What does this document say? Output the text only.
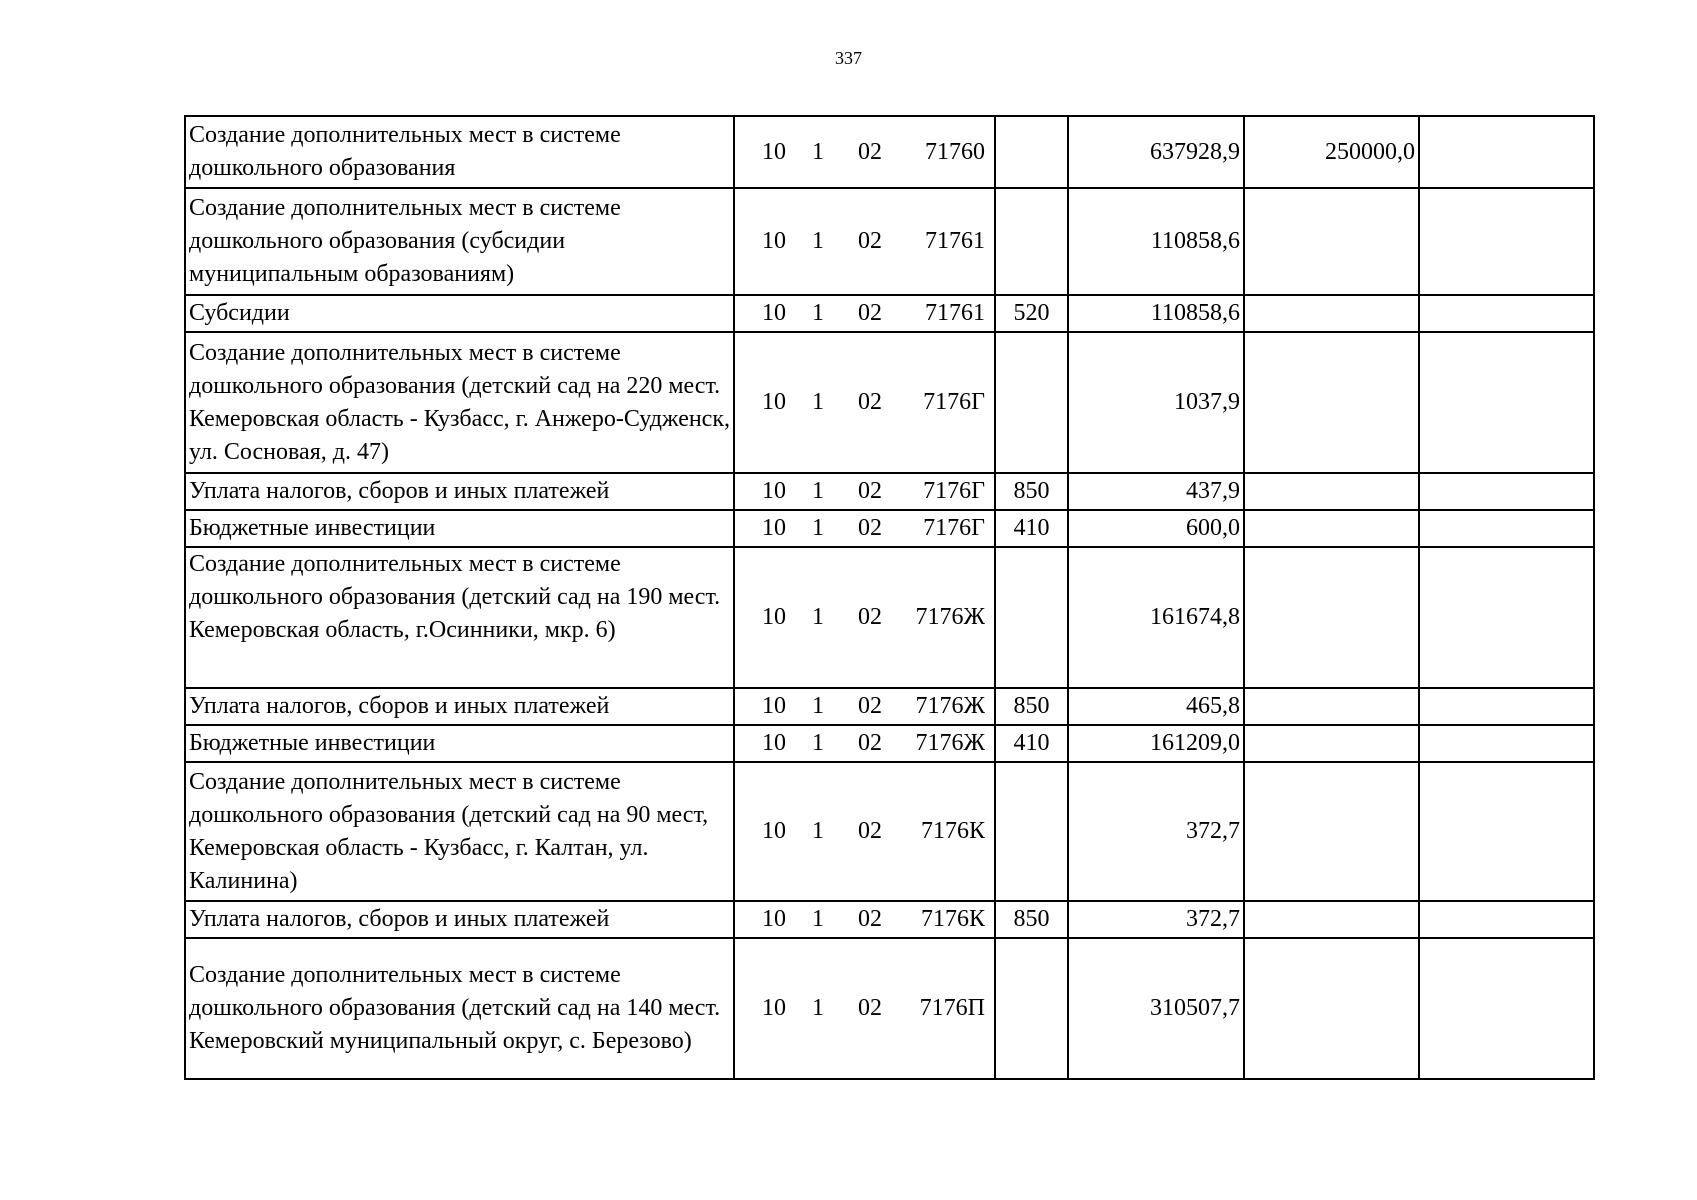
337
Создание дополнительных мест в системе дошкольного образования	10 1 02 71760		637928,9	250000,0	
Создание дополнительных мест в системе дошкольного образования (субсидии муниципальным образованиям)	10 1 02 71761		110858,6		
Субсидии	10 1 02 71761	520	110858,6		
Создание дополнительных мест в системе дошкольного образования (детский сад на 220 мест. Кемеровская область - Кузбасс, г. Анжеро-Судженск, ул. Сосновая, д. 47)	10 1 02 7176Г		1037,9		
Уплата налогов, сборов и иных платежей	10 1 02 7176Г	850	437,9		
Бюджетные инвестиции	10 1 02 7176Г	410	600,0		
Создание дополнительных мест в системе дошкольного образования (детский сад на 190 мест. Кемеровская область, г.Осинники, мкр. 6)	10 1 02 7176Ж		161674,8		
Уплата налогов, сборов и иных платежей	10 1 02 7176Ж	850	465,8		
Бюджетные инвестиции	10 1 02 7176Ж	410	161209,0		
Создание дополнительных мест в системе дошкольного образования (детский сад на 90 мест, Кемеровская область - Кузбасс, г. Калтан, ул. Калинина)	10 1 02 7176К		372,7		
Уплата налогов, сборов и иных платежей	10 1 02 7176К	850	372,7		
Создание дополнительных мест в системе дошкольного образования (детский сад на 140 мест. Кемеровский муниципальный округ, с. Березово)	10 1 02 7176П		310507,7		
